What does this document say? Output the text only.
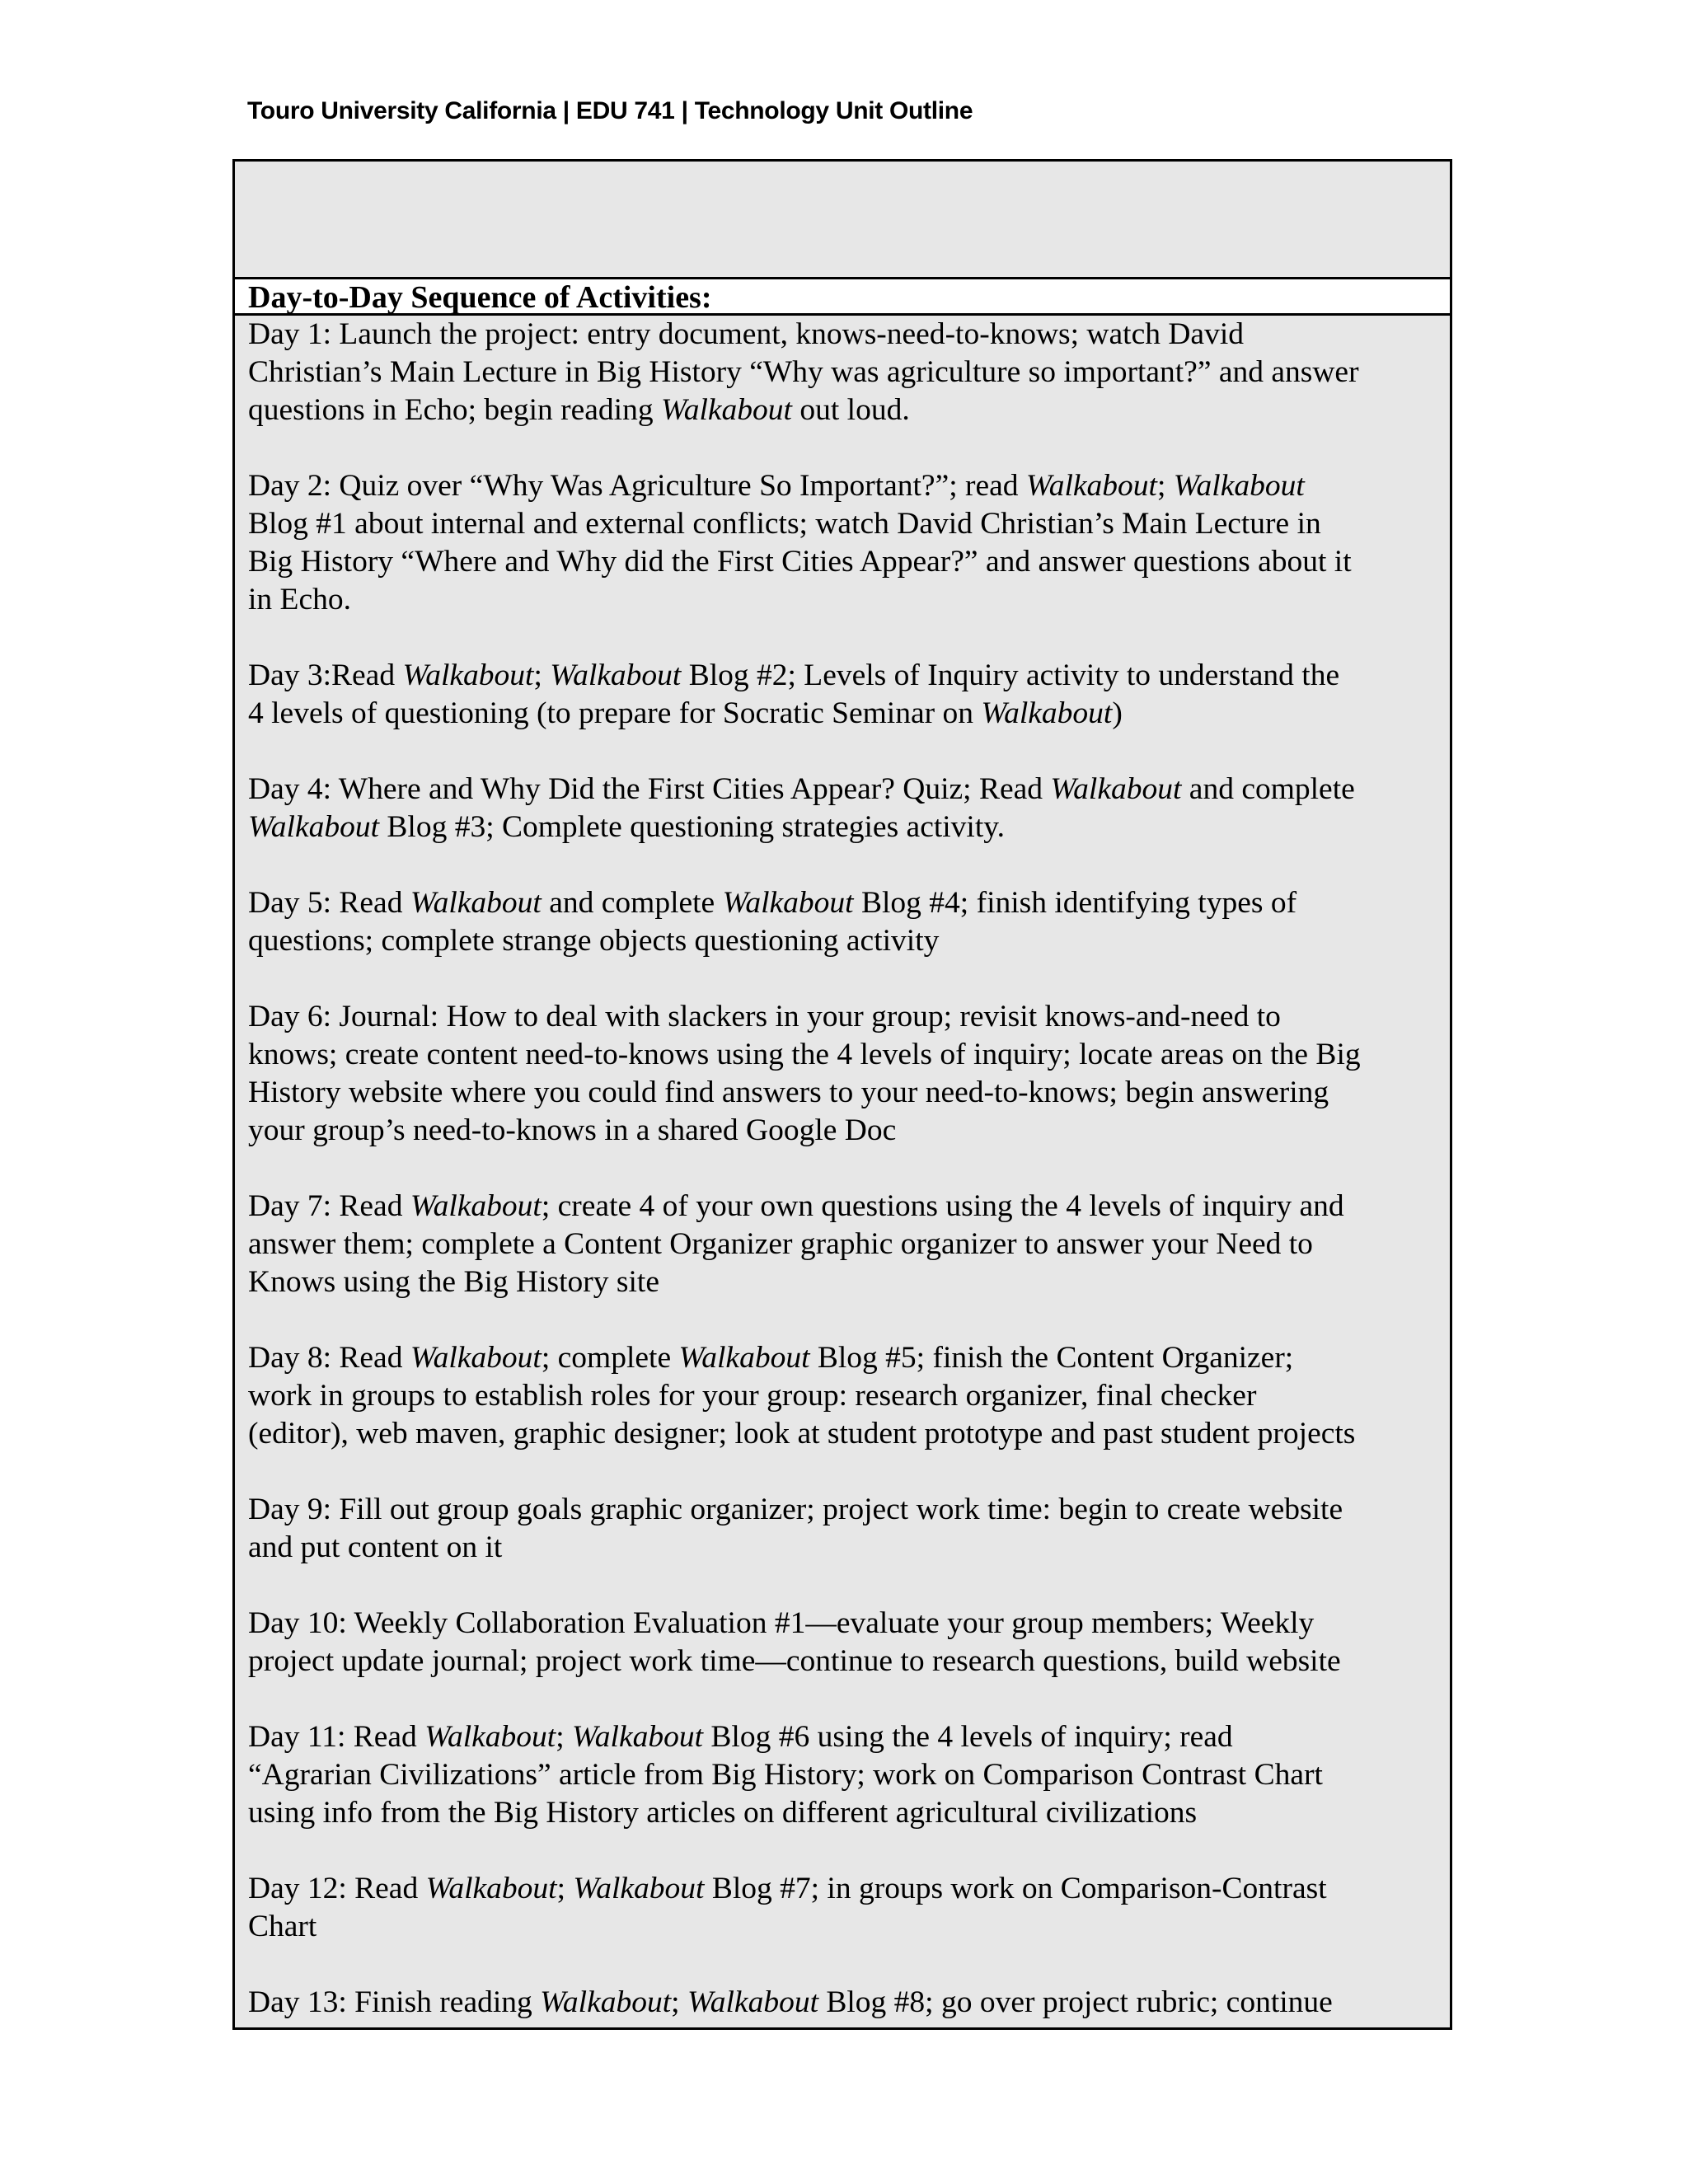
Touro University California | EDU 741 | Technology Unit Outline
Day-to-Day Sequence of Activities:
Day 1: Launch the project: entry document, knows-need-to-knows; watch David
Christian’s Main Lecture in Big History “Why was agriculture so important?” and answer
questions in Echo; begin reading Walkabout out loud.
Day 2: Quiz over “Why Was Agriculture So Important?”; read Walkabout; Walkabout
Blog #1 about internal and external conflicts; watch David Christian’s Main Lecture in
Big History “Where and Why did the First Cities Appear?” and answer questions about it
in Echo.
Day 3:Read Walkabout; Walkabout Blog #2; Levels of Inquiry activity to understand the
4 levels of questioning (to prepare for Socratic Seminar on Walkabout)
Day 4: Where and Why Did the First Cities Appear? Quiz; Read Walkabout and complete
Walkabout Blog #3; Complete questioning strategies activity.
Day 5: Read Walkabout and complete Walkabout Blog #4; finish identifying types of
questions; complete strange objects questioning activity
Day 6: Journal: How to deal with slackers in your group; revisit knows-and-need to
knows; create content need-to-knows using the 4 levels of inquiry; locate areas on the Big
History website where you could find answers to your need-to-knows; begin answering
your group’s need-to-knows in a shared Google Doc
Day 7: Read Walkabout; create 4 of your own questions using the 4 levels of inquiry and
answer them; complete a Content Organizer graphic organizer to answer your Need to
Knows using the Big History site
Day 8: Read Walkabout; complete Walkabout Blog #5; finish the Content Organizer;
work in groups to establish roles for your group: research organizer, final checker
(editor), web maven, graphic designer; look at student prototype and past student projects
Day 9: Fill out group goals graphic organizer; project work time: begin to create website
and put content on it
Day 10: Weekly Collaboration Evaluation #1—evaluate your group members; Weekly
project update journal; project work time—continue to research questions, build website
Day 11: Read Walkabout; Walkabout Blog #6 using the 4 levels of inquiry; read
“Agrarian Civilizations” article from Big History; work on Comparison Contrast Chart
using info from the Big History articles on different agricultural civilizations
Day 12: Read Walkabout; Walkabout Blog #7; in groups work on Comparison-Contrast
Chart
Day 13: Finish reading Walkabout; Walkabout Blog #8; go over project rubric; continue
